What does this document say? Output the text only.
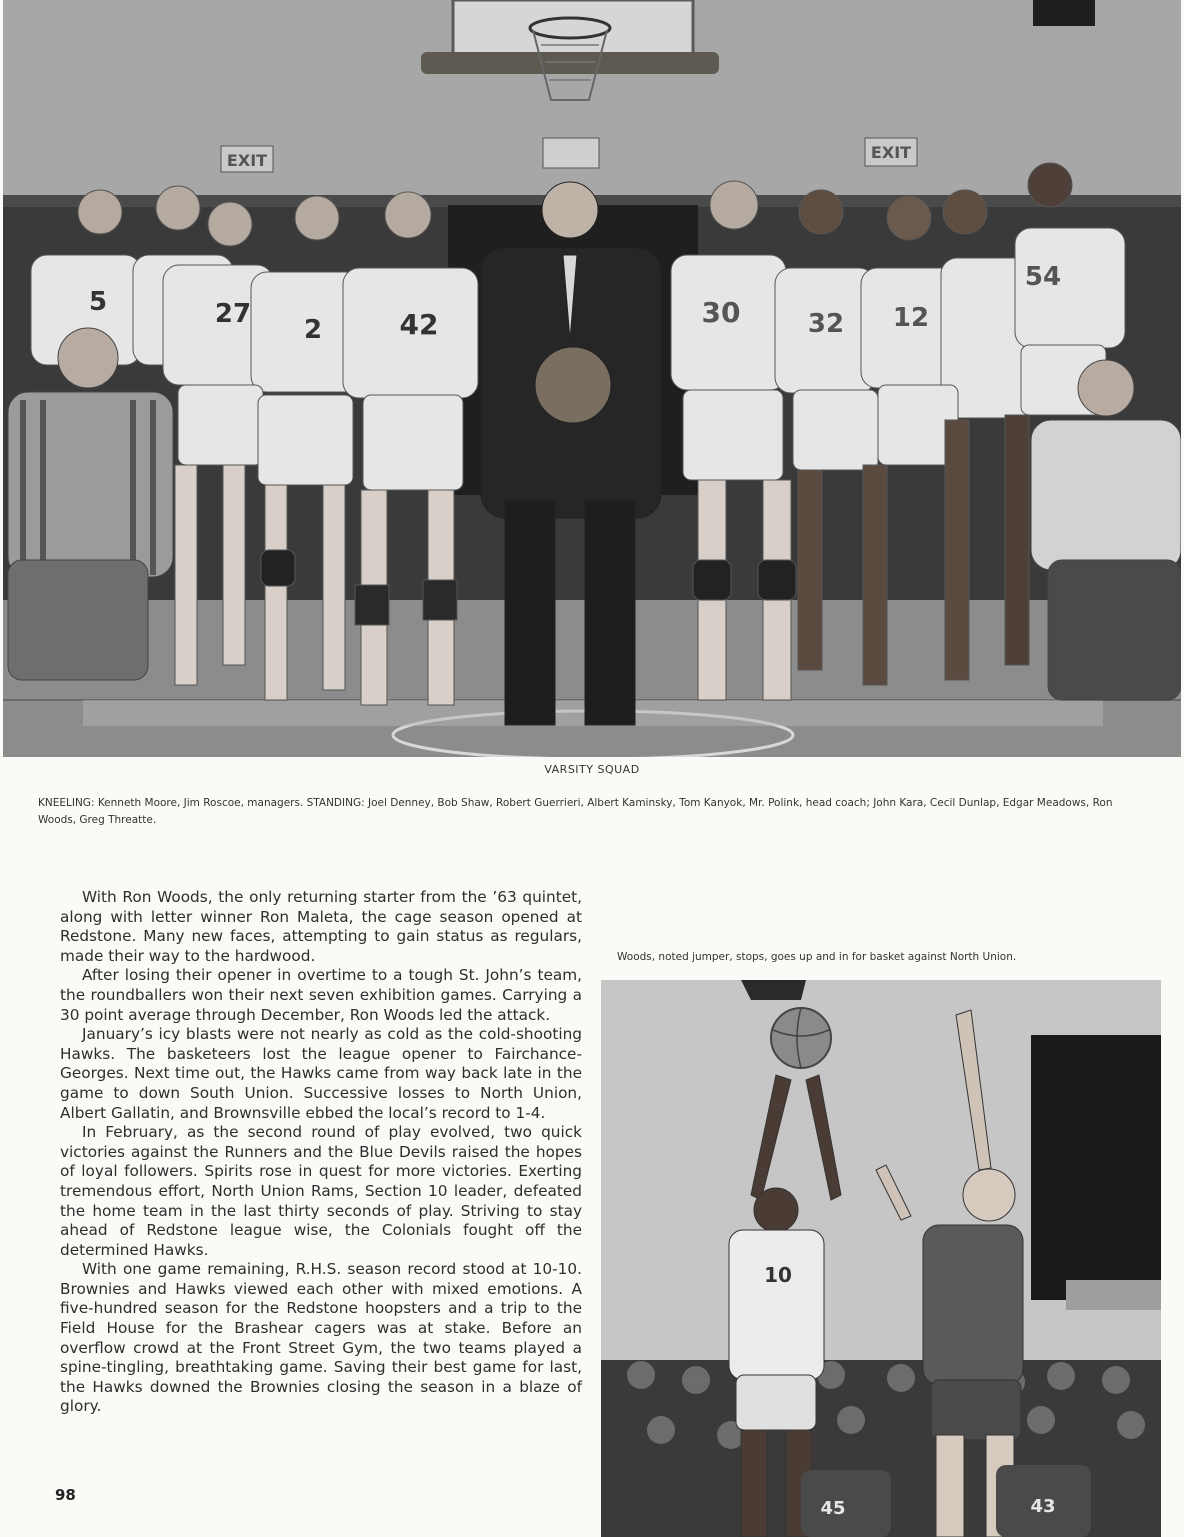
EXIT	EXIT
5	27
2	42	30	32 12
54
VARSITY SQUAD
KNEELING: Kenneth Moore, Jim Roscoe, managers. STANDING: Joel Denney, Bob Shaw, Robert Guerrieri, Albert Kaminsky, Tom Kanyok, Mr. Polink, head coach; John Kara, Cecil Dunlap, Edgar Meadows, Ron Woods, Greg Threatte.

With Ron Woods, the only returning starter from the ’63 quintet, along with letter winner Ron Maleta, the cage season opened at Redstone. Many new faces, attempting to gain status as regulars, made their way to the hardwood.

After losing their opener in overtime to a tough St. John’s team, the roundballers won their next seven exhibition games. Carrying a 30 point average through December, Ron Woods led the attack.

January’s icy blasts were not nearly as cold as the cold-shooting Hawks. The basketeers lost the league opener to Fairchance-Georges. Next time out, the Hawks came from way back late in the game to down South Union. Successive losses to North Union, Albert Gallatin, and Brownsville ebbed the local’s record to 1-4.

In February, as the second round of play evolved, two quick victories against the Runners and the Blue Devils raised the hopes of loyal followers. Spirits rose in quest for more victories. Exerting tremendous effort, North Union Rams, Section 10 leader, defeated the home team in the last thirty seconds of play. Striving to stay ahead of Redstone league wise, the Colonials fought off the determined Hawks.

With one game remaining, R.H.S. season record stood at 10-10. Brownies and Hawks viewed each other with mixed emotions. A five-hundred season for the Redstone hoopsters and a trip to the Field House for the Brashear cagers was at stake. Before an overflow crowd at the Front Street Gym, the two teams played a spine-tingling, breathtaking game. Saving their best game for last, the Hawks downed the Brownies closing the season in a blaze of glory.

Woods, noted jumper, stops, goes up and in for basket against North Union.
10
45	43
98
